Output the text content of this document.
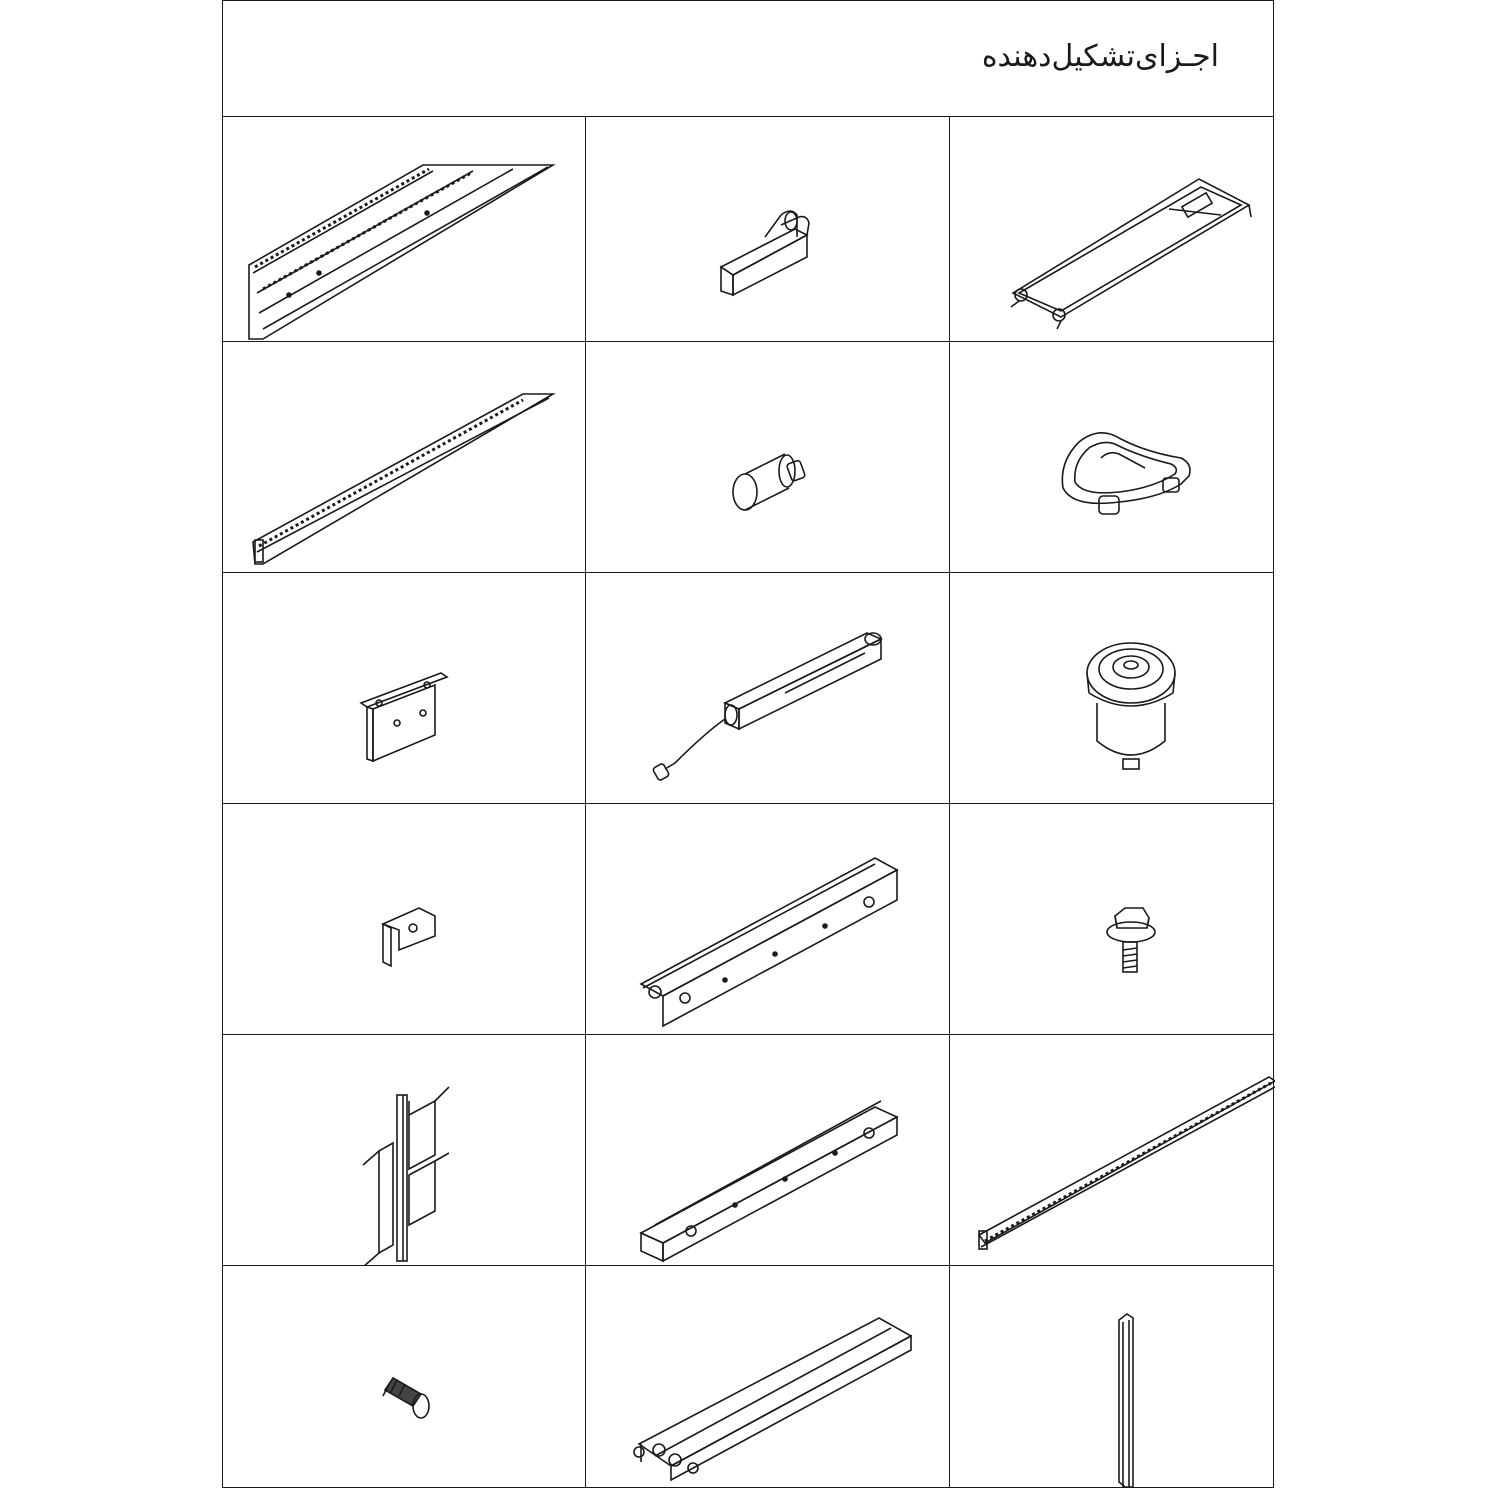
اجـزای‌تشکیل‌دهنده
